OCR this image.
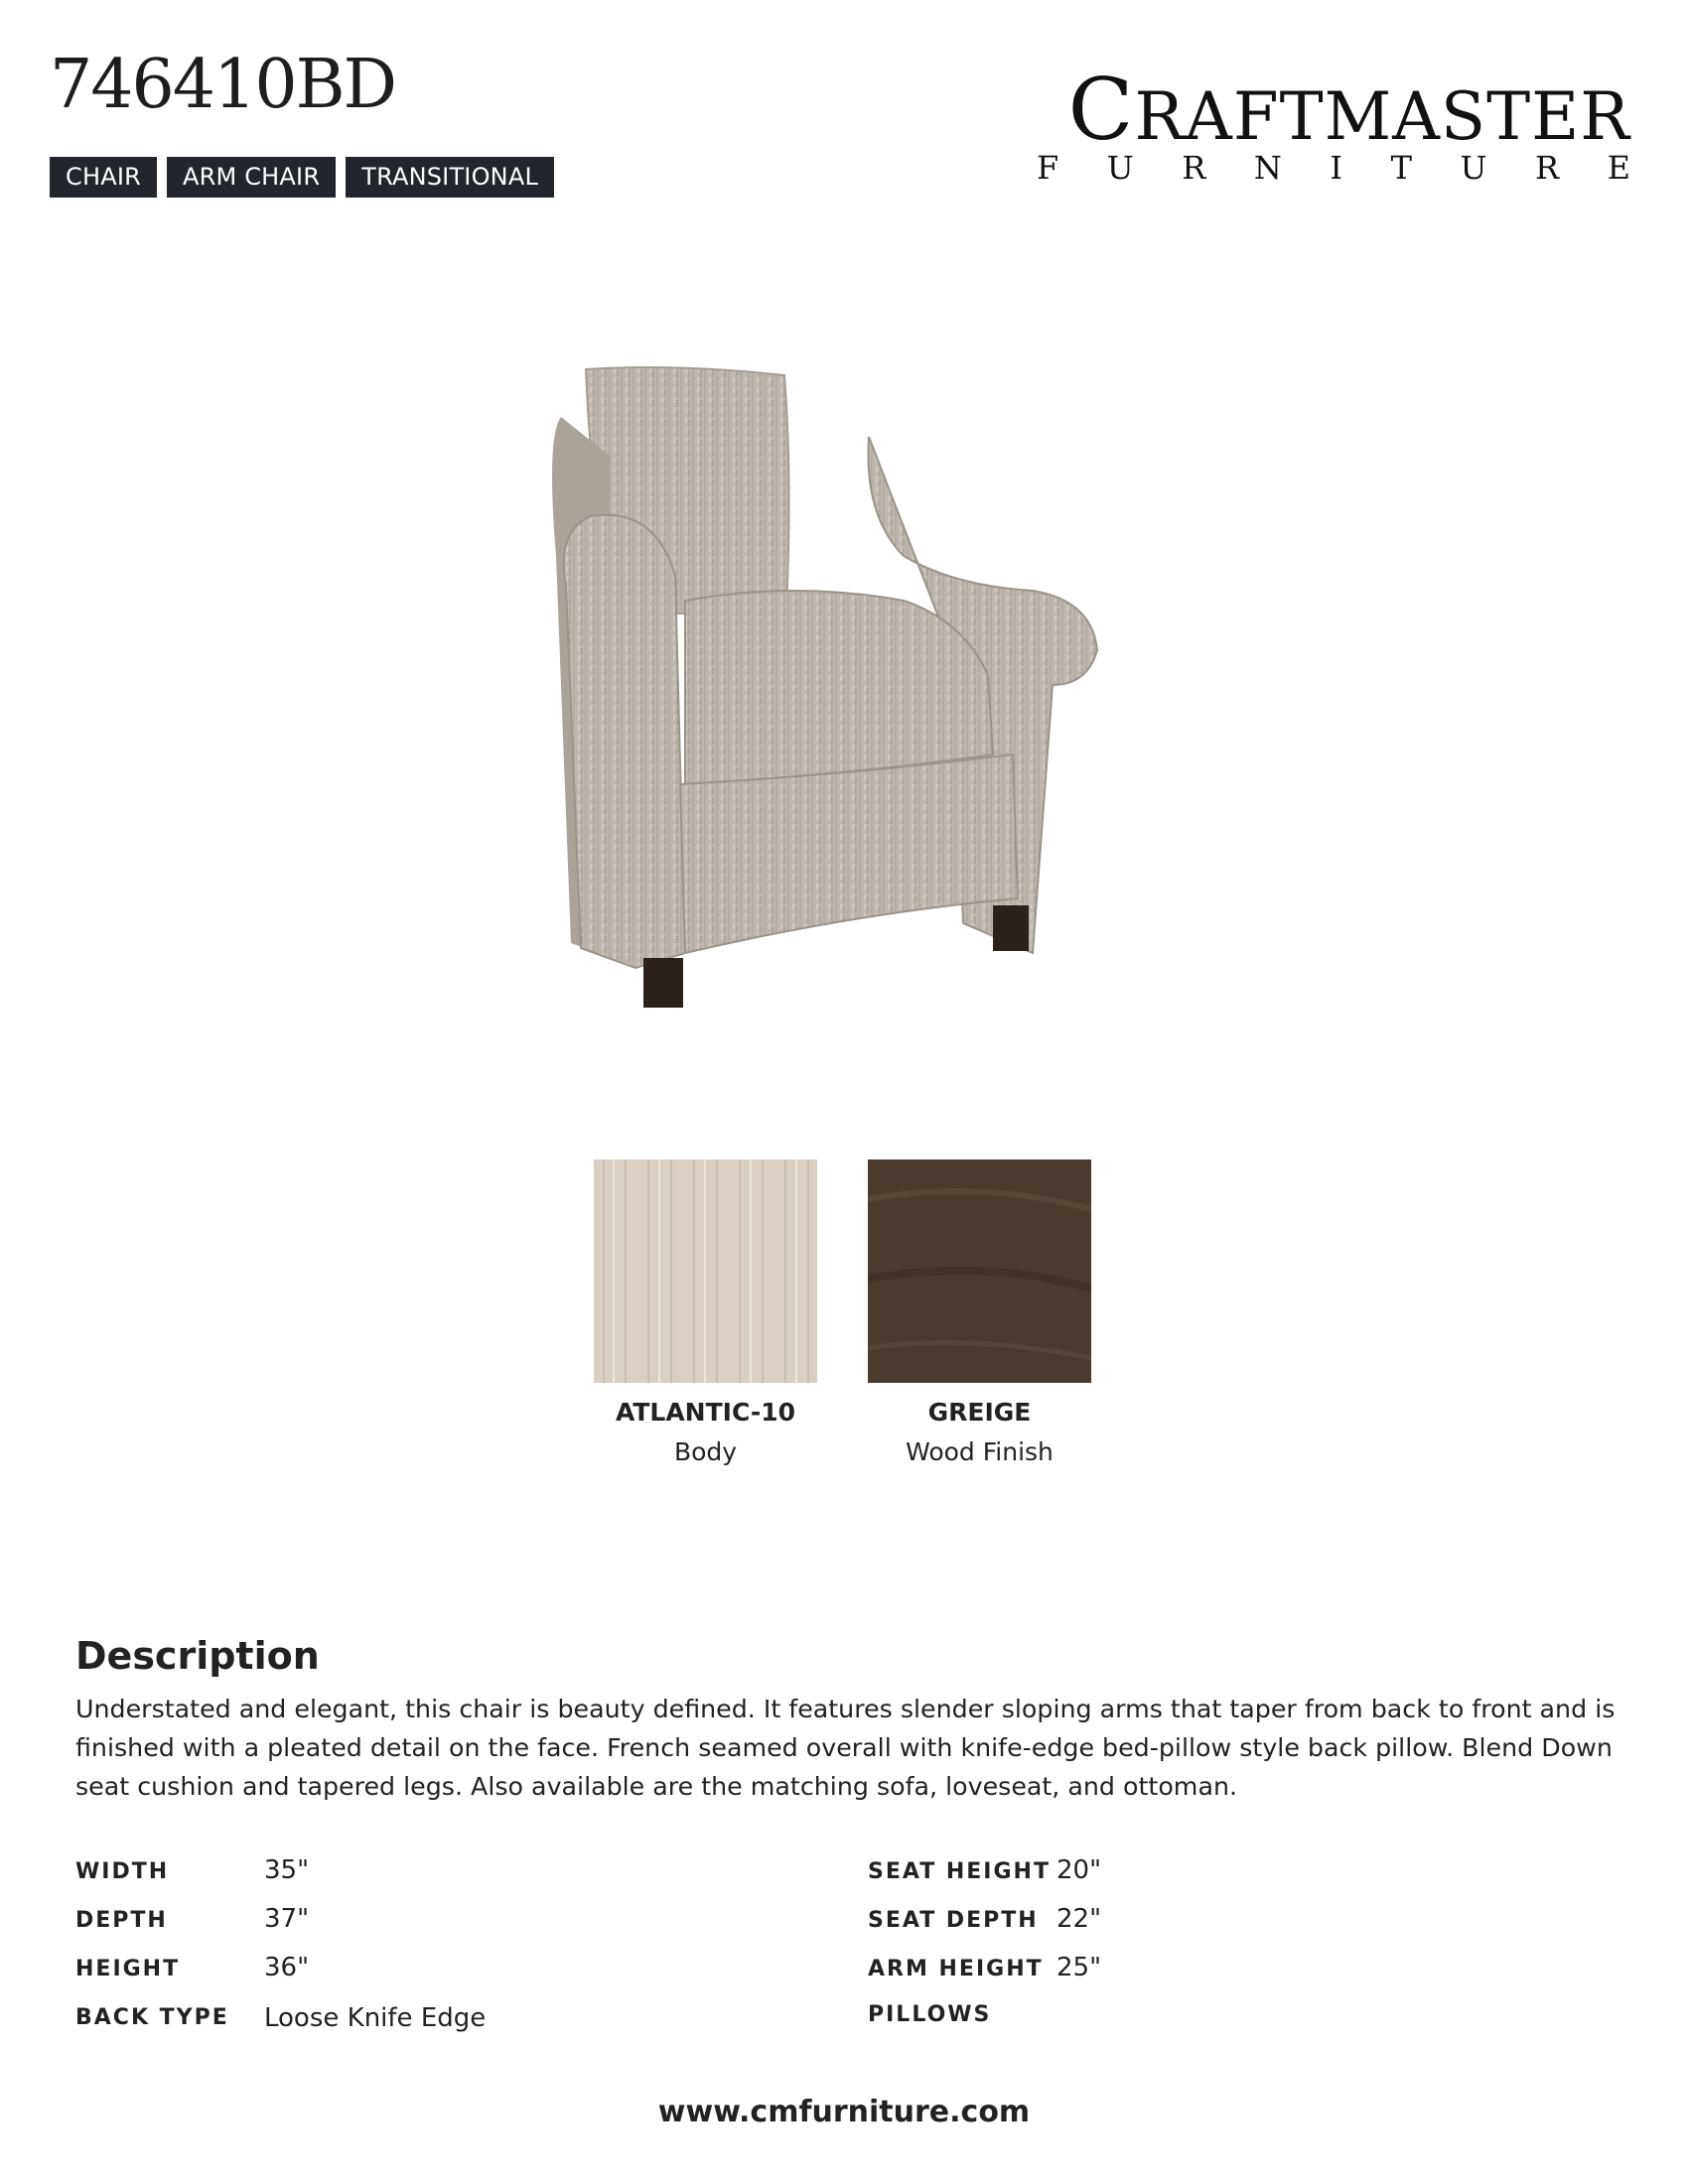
746410BD
CHAIR	ARM CHAIR	TRANSITIONAL
CRAFTMASTER
F U R N I T U R E
ATLANTIC-10
Body
GREIGE
Wood Finish
Description
Understated and elegant, this chair is beauty defined. It features slender sloping arms that taper from back to front and is finished with a pleated detail on the face. French seamed overall with knife-edge bed-pillow style back pillow. Blend Down seat cushion and tapered legs. Also available are the matching sofa, loveseat, and ottoman.
WIDTH	35"
DEPTH	37"
HEIGHT	36"
BACK TYPE Loose Knife Edge
SEAT HEIGHT 20"
SEAT DEPTH 22"
ARM HEIGHT 25"
PILLOWS
www.cmfurniture.com
